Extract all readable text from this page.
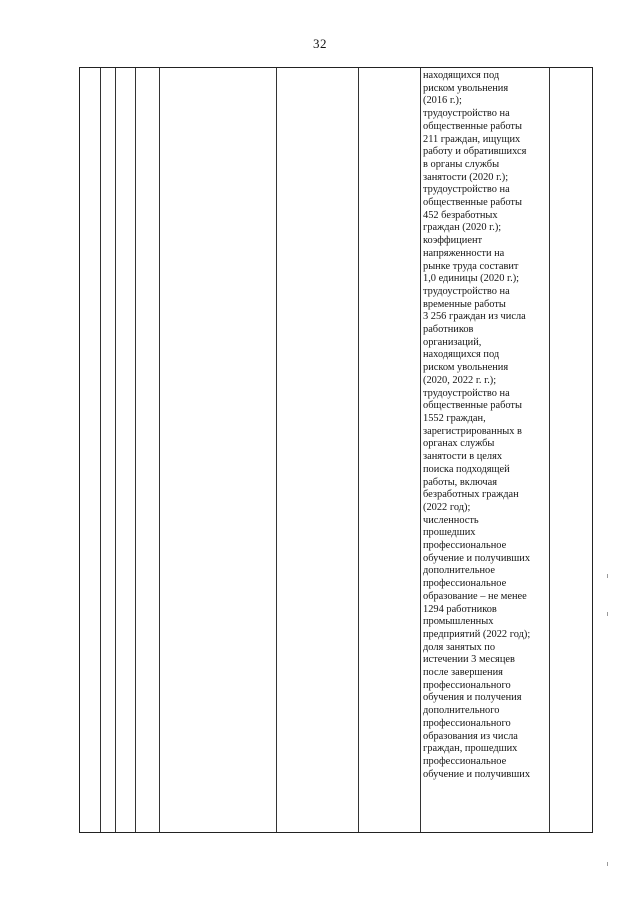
32
находящихся под
риском увольнения
(2016 г.);
трудоустройство на
общественные работы
211 граждан, ищущих
работу и обратившихся
в органы службы
занятости (2020 г.);
трудоустройство на
общественные работы
452 безработных
граждан (2020 г.);
коэффициент
напряженности на
рынке труда составит
1,0 единицы (2020 г.);
трудоустройство на
временные работы
3 256 граждан из числа
работников
организаций,
находящихся под
риском увольнения
(2020, 2022 г. г.);
трудоустройство на
общественные работы
1552 граждан,
зарегистрированных в
органах службы
занятости в целях
поиска подходящей
работы, включая
безработных граждан
(2022 год);
численность
прошедших
профессиональное
обучение и получивших
дополнительное
профессиональное
образование – не менее
1294 работников
промышленных
предприятий (2022 год);
доля занятых по
истечении 3 месяцев
после завершения
профессионального
обучения и получения
дополнительного
профессионального
образования из числа
граждан, прошедших
профессиональное
обучение и получивших
